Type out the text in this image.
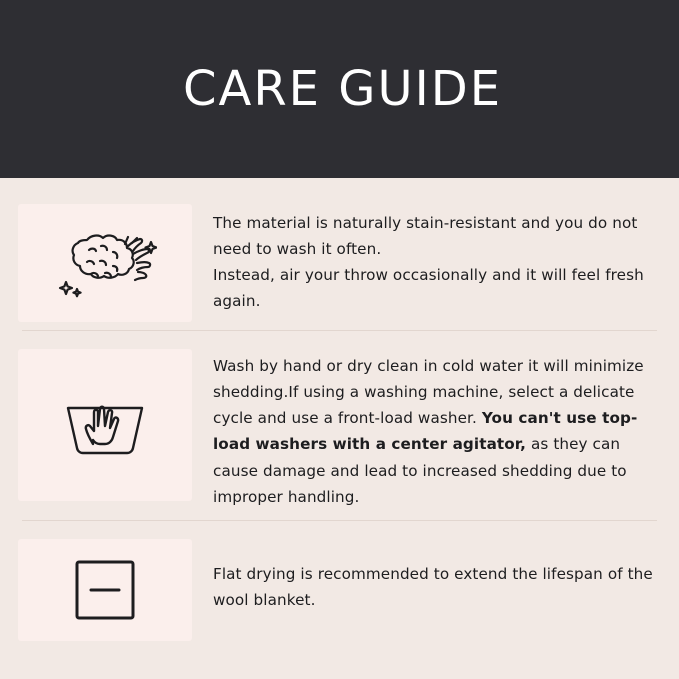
CARE GUIDE

The material is naturally stain-resistant and you do not need to wash it often.

Instead, air your throw occasionally and it will feel fresh again.

Wash by hand or dry clean in cold water it will minimize shedding.If using a washing machine, select a delicate cycle and use a front-load washer. You can't use top-load washers with a center agitator, as they can cause damage and lead to increased shedding due to improper handling.

Flat drying is recommended to extend the lifespan of the wool blanket.
